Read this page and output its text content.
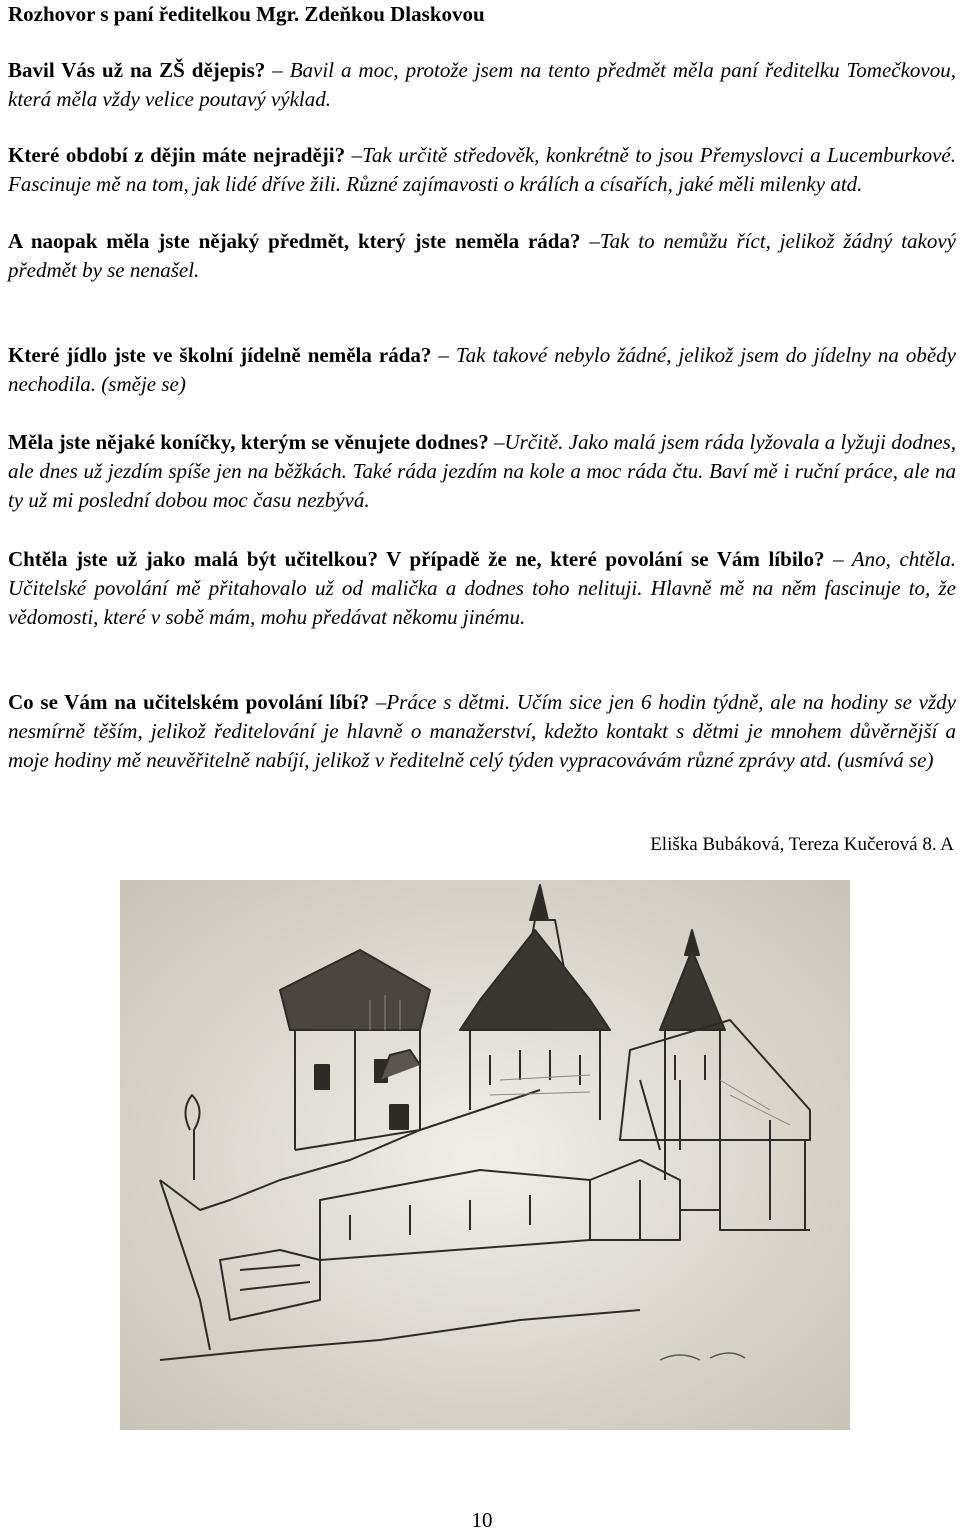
Rozhovor s paní ředitelkou Mgr. Zdeňkou Dlaskovou

Bavil Vás už na ZŠ dějepis? – Bavil a moc, protože jsem na tento předmět měla paní ředitelku Tomečkovou, která měla vždy velice poutavý výklad.

Které období z dějin máte nejraději? –Tak určitě středověk, konkrétně to jsou Přemyslovci a Lucemburkové. Fascinuje mě na tom, jak lidé dříve žili. Různé zajímavosti o králích a císařích, jaké měli milenky atd.

A naopak měla jste nějaký předmět, který jste neměla ráda? –Tak to nemůžu říct, jelikož žádný takový předmět by se nenašel.

Které jídlo jste ve školní jídelně neměla ráda? – Tak takové nebylo žádné, jelikož jsem do jídelny na obědy nechodila. (směje se)

Měla jste nějaké koníčky, kterým se věnujete dodnes? –Určitě. Jako malá jsem ráda lyžovala a lyžuji dodnes, ale dnes už jezdím spíše jen na běžkách. Také ráda jezdím na kole a moc ráda čtu. Baví mě i ruční práce, ale na ty už mi poslední dobou moc času nezbývá.

Chtěla jste už jako malá být učitelkou? V případě že ne, které povolání se Vám líbilo? – Ano, chtěla. Učitelské povolání mě přitahovalo už od malička a dodnes toho nelituji. Hlavně mě na něm fascinuje to, že vědomosti, které v sobě mám, mohu předávat někomu jinému.

Co se Vám na učitelském povolání líbí? –Práce s dětmi. Učím sice jen 6 hodin týdně, ale na hodiny se vždy nesmírně těším, jelikož ředitelování je hlavně o manažerství, kdežto kontakt s dětmi je mnohem důvěrnější a moje hodiny mě neuvěřitelně nabíjí, jelikož v ředitelně celý týden vypracovávám různé zprávy atd. (usmívá se)

Eliška Bubáková, Tereza Kučerová 8. A
10
